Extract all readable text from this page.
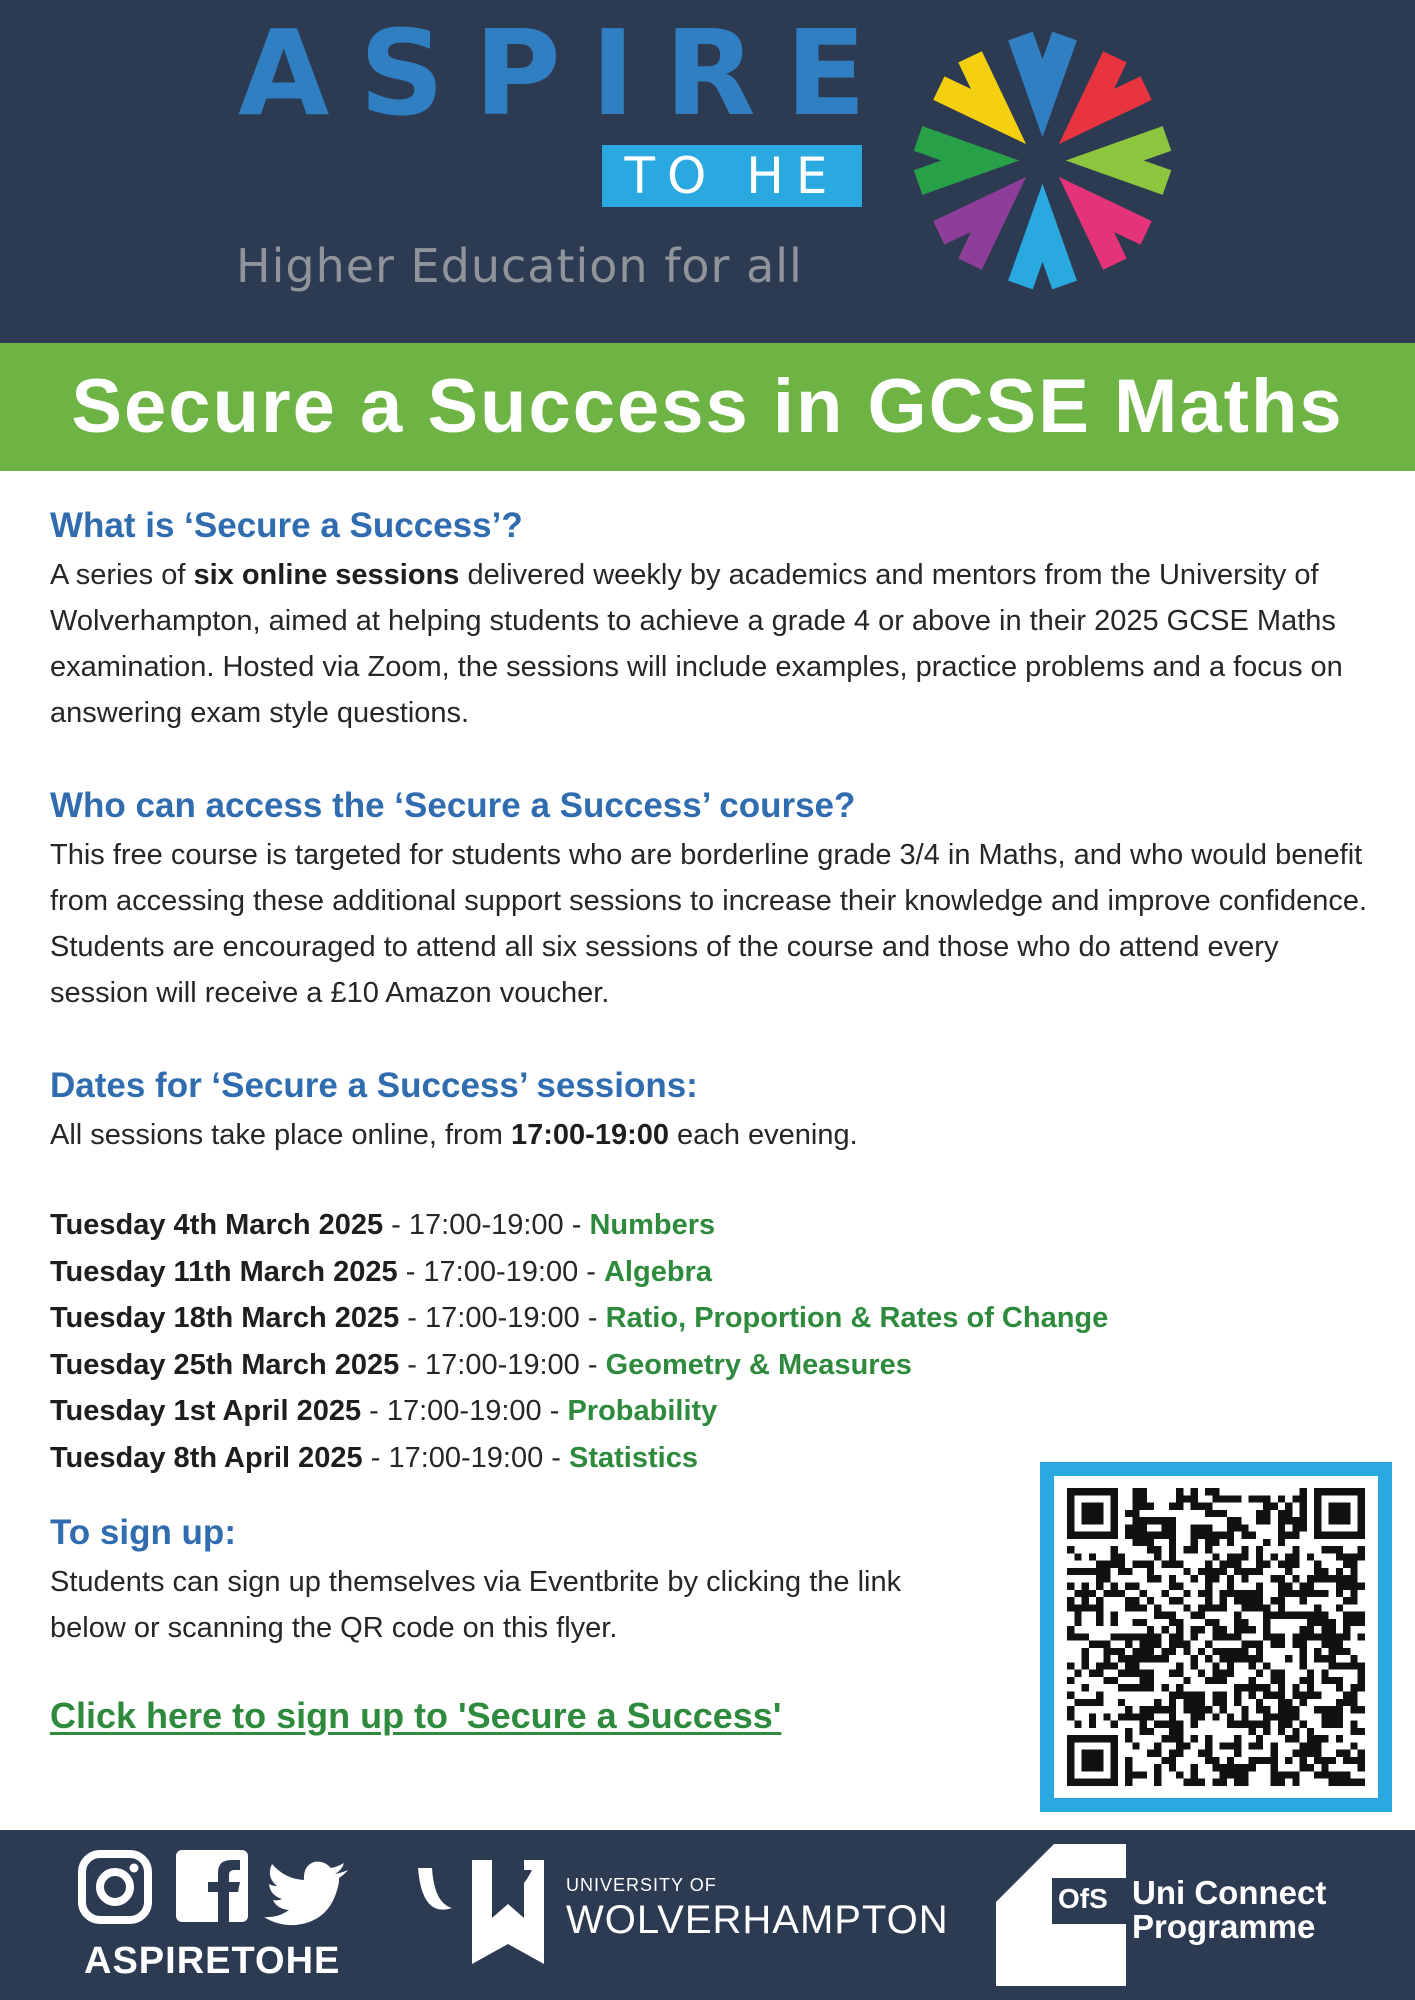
ASPIRE
TO HE
Higher Education for all
Secure a Success in GCSE Maths
What is ‘Secure a Success’?

A series of six online sessions delivered weekly by academics and mentors from the University of Wolverhampton, aimed at helping students to achieve a grade 4 or above in their 2025 GCSE Maths examination. Hosted via Zoom, the sessions will include examples, practice problems and a focus on answering exam style questions.

Who can access the ‘Secure a Success’ course?

This free course is targeted for students who are borderline grade 3/4 in Maths, and who would benefit from accessing these additional support sessions to increase their knowledge and improve confidence. Students are encouraged to attend all six sessions of the course and those who do attend every session will receive a £10 Amazon voucher.

Dates for ‘Secure a Success’ sessions:

All sessions take place online, from 17:00-19:00 each evening.

Tuesday 4th March 2025 - 17:00-19:00 - Numbers
Tuesday 11th March 2025 - 17:00-19:00 - Algebra
Tuesday 18th March 2025 - 17:00-19:00 - Ratio, Proportion & Rates of Change
Tuesday 25th March 2025 - 17:00-19:00 - Geometry & Measures
Tuesday 1st April 2025 - 17:00-19:00 - Probability
Tuesday 8th April 2025 - 17:00-19:00 - Statistics
To sign up:

Students can sign up themselves via Eventbrite by clicking the link below or scanning the QR code on this flyer.

Click here to sign up to 'Secure a Success'
ASPIRETOHE
UNIVERSITY OF
WOLVERHAMPTON	OfS Uni Connect
Programme
